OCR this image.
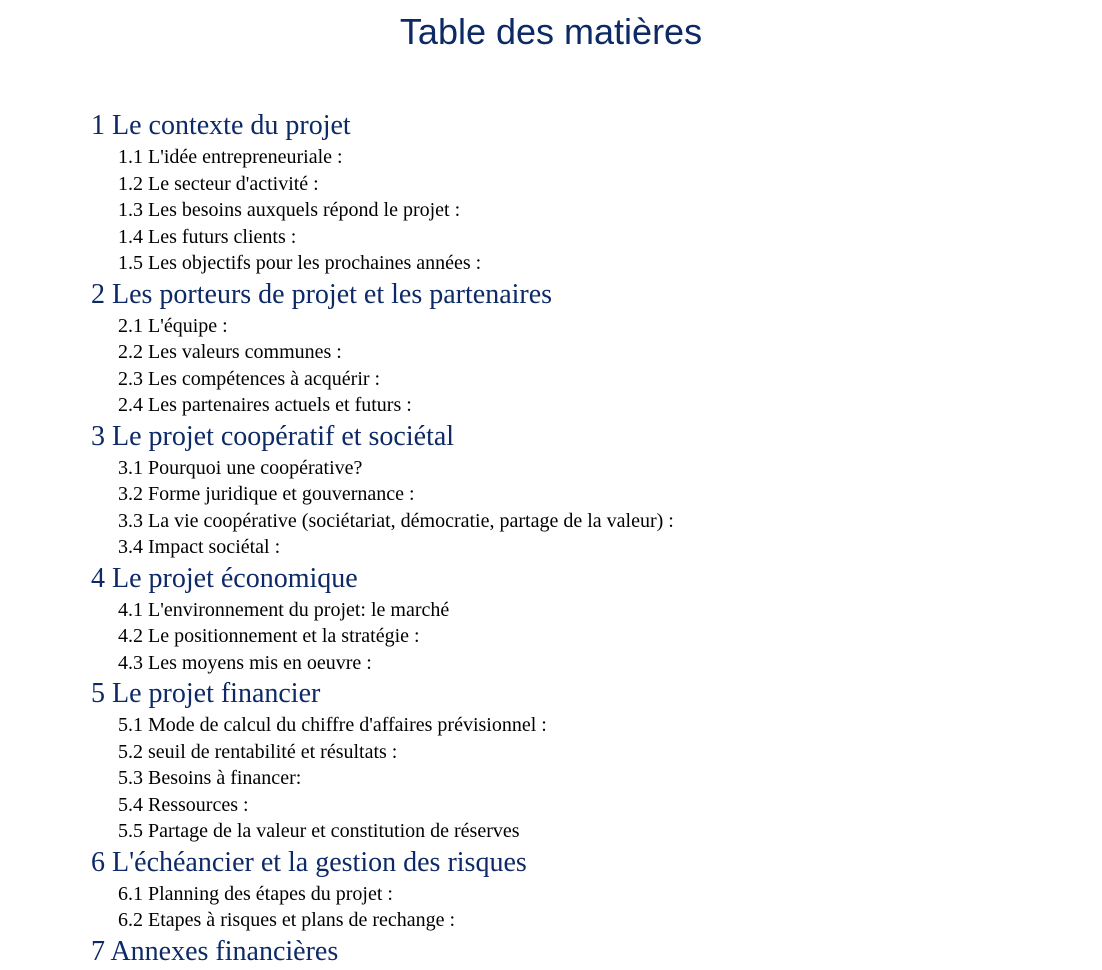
Table des matières
1 Le contexte du projet
1.1 L'idée entrepreneuriale :
1.2 Le secteur d'activité :
1.3 Les besoins auxquels répond le projet :
1.4 Les futurs clients :
1.5 Les objectifs pour les prochaines années :
2 Les porteurs de projet et les partenaires
2.1 L'équipe :
2.2 Les valeurs communes :
2.3 Les compétences à acquérir :
2.4 Les partenaires actuels et futurs :
3 Le projet coopératif et sociétal
3.1 Pourquoi une coopérative?
3.2 Forme juridique et gouvernance :
3.3 La vie coopérative (sociétariat, démocratie, partage de la valeur) :
3.4 Impact sociétal :
4 Le projet économique
4.1 L'environnement du projet: le marché
4.2 Le positionnement et la stratégie :
4.3 Les moyens mis en oeuvre :
5 Le projet financier
5.1 Mode de calcul du chiffre d'affaires prévisionnel :
5.2 seuil de rentabilité et résultats :
5.3 Besoins à financer:
5.4 Ressources :
5.5 Partage de la valeur et constitution de réserves
6 L'échéancier et la gestion des risques
6.1 Planning des étapes du projet :
6.2 Etapes à risques et plans de rechange :
7 Annexes financières
